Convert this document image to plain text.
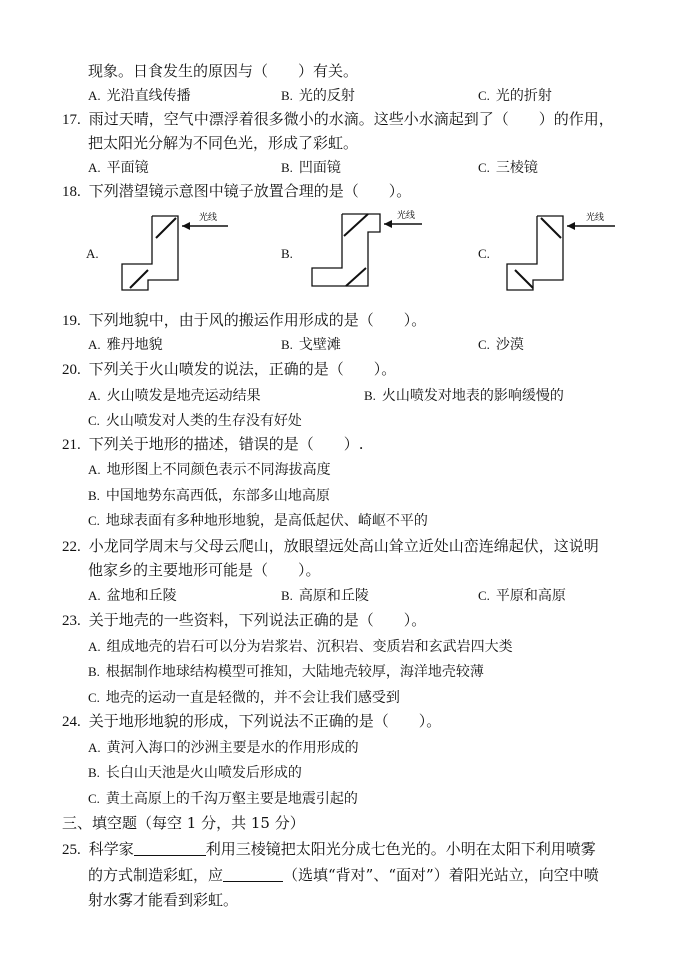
现象。日食发生的原因与（　　）有关。
A. 光沿直线传播	B. 光的反射	C. 光的折射
17. 雨过天晴，空气中漂浮着很多微小的水滴。这些小水滴起到了（　　）的作用，
把太阳光分解为不同色光，形成了彩虹。
A. 平面镜	B. 凹面镜	C. 三棱镜
18. 下列潜望镜示意图中镜子放置合理的是（　　）。
A.
光线
B.
光线
C.
光线
19. 下列地貌中，由于风的搬运作用形成的是（　　）。
A. 雅丹地貌	B. 戈壁滩	C. 沙漠
20. 下列关于火山喷发的说法，正确的是（　　）。
A. 火山喷发是地壳运动结果	B. 火山喷发对地表的影响缓慢的
C. 火山喷发对人类的生存没有好处
21. 下列关于地形的描述，错误的是（　　）.
A. 地形图上不同颜色表示不同海拔高度
B. 中国地势东高西低，东部多山地高原
C. 地球表面有多种地形地貌，是高低起伏、崎岖不平的
22. 小龙同学周末与父母云爬山，放眼望远处高山耸立近处山峦连绵起伏，这说明
他家乡的主要地形可能是（　　）。
A. 盆地和丘陵	B. 高原和丘陵	C. 平原和高原
23. 关于地壳的一些资料，下列说法正确的是（　　）。
A. 组成地壳的岩石可以分为岩浆岩、沉积岩、变质岩和玄武岩四大类
B. 根据制作地球结构模型可推知，大陆地壳较厚，海洋地壳较薄
C. 地壳的运动一直是轻微的，并不会让我们感受到
24. 关于地形地貌的形成，下列说法不正确的是（　　）。
A. 黄河入海口的沙洲主要是水的作用形成的
B. 长白山天池是火山喷发后形成的
C. 黄土高原上的千沟万壑主要是地震引起的
三、填空题（每空 1 分，共 15 分）
25. 科学家	利用三棱镜把太阳光分成七色光的。小明在太阳下利用喷雾
的方式制造彩虹，应	（选填“背对”、“面对”）着阳光站立，向空中喷
射水雾才能看到彩虹。
